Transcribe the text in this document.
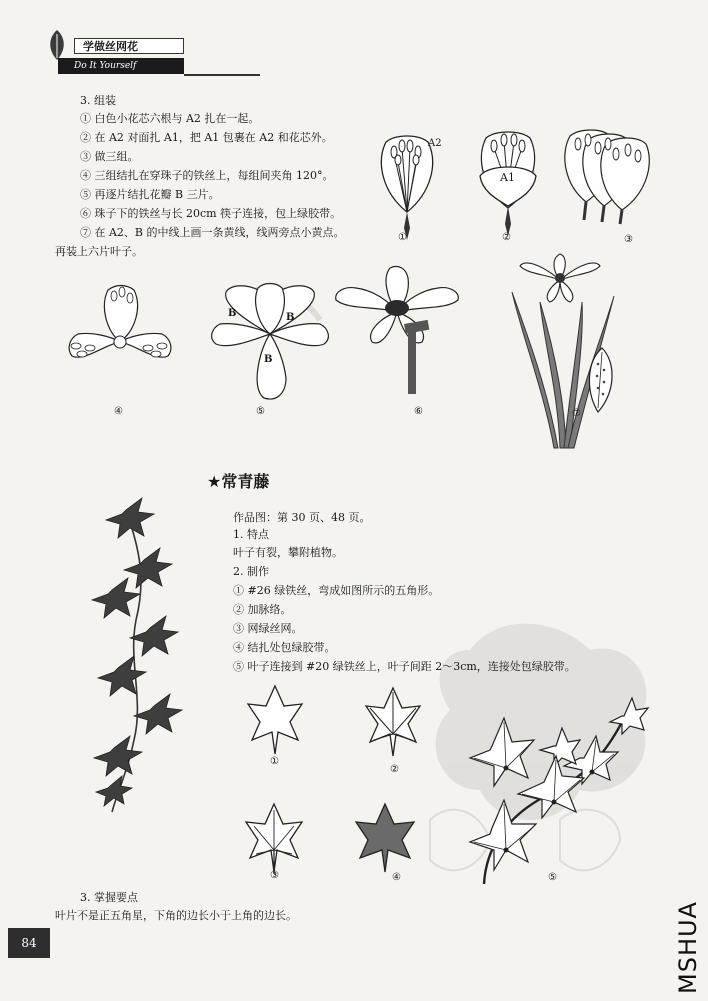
学做丝网花
Do It Yourself
3. 组装
① 白色小花芯六根与 A2 扎在一起。
② 在 A2 对面扎 A1，把 A1 包裹在 A2 和花芯外。
③ 做三组。
④ 三组结扎在穿珠子的铁丝上，每组间夹角 120°。
⑤ 再逐片结扎花瓣 B 三片。
⑥ 珠子下的铁丝与长 20cm 筷子连接，包上绿胶带。
⑦ 在 A2、B 的中线上画一条黄线，线两旁点小黄点。
再装上六片叶子。
A2
①
A1
②	③
④
B	B
B
⑤	⑥	⑦
★常青藤
作品图：第 30 页、48 页。
1. 特点
叶子有裂，攀附植物。
2. 制作
① #26 绿铁丝，弯成如图所示的五角形。
② 加脉络。
③ 网绿丝网。
④ 结扎处包绿胶带。
⑤ 叶子连接到 #20 绿铁丝上，叶子间距 2～3cm，连接处包绿胶带。
①
②
③	④	⑤
3. 掌握要点
叶片不是正五角星，下角的边长小于上角的边长。
84	MSHUA
